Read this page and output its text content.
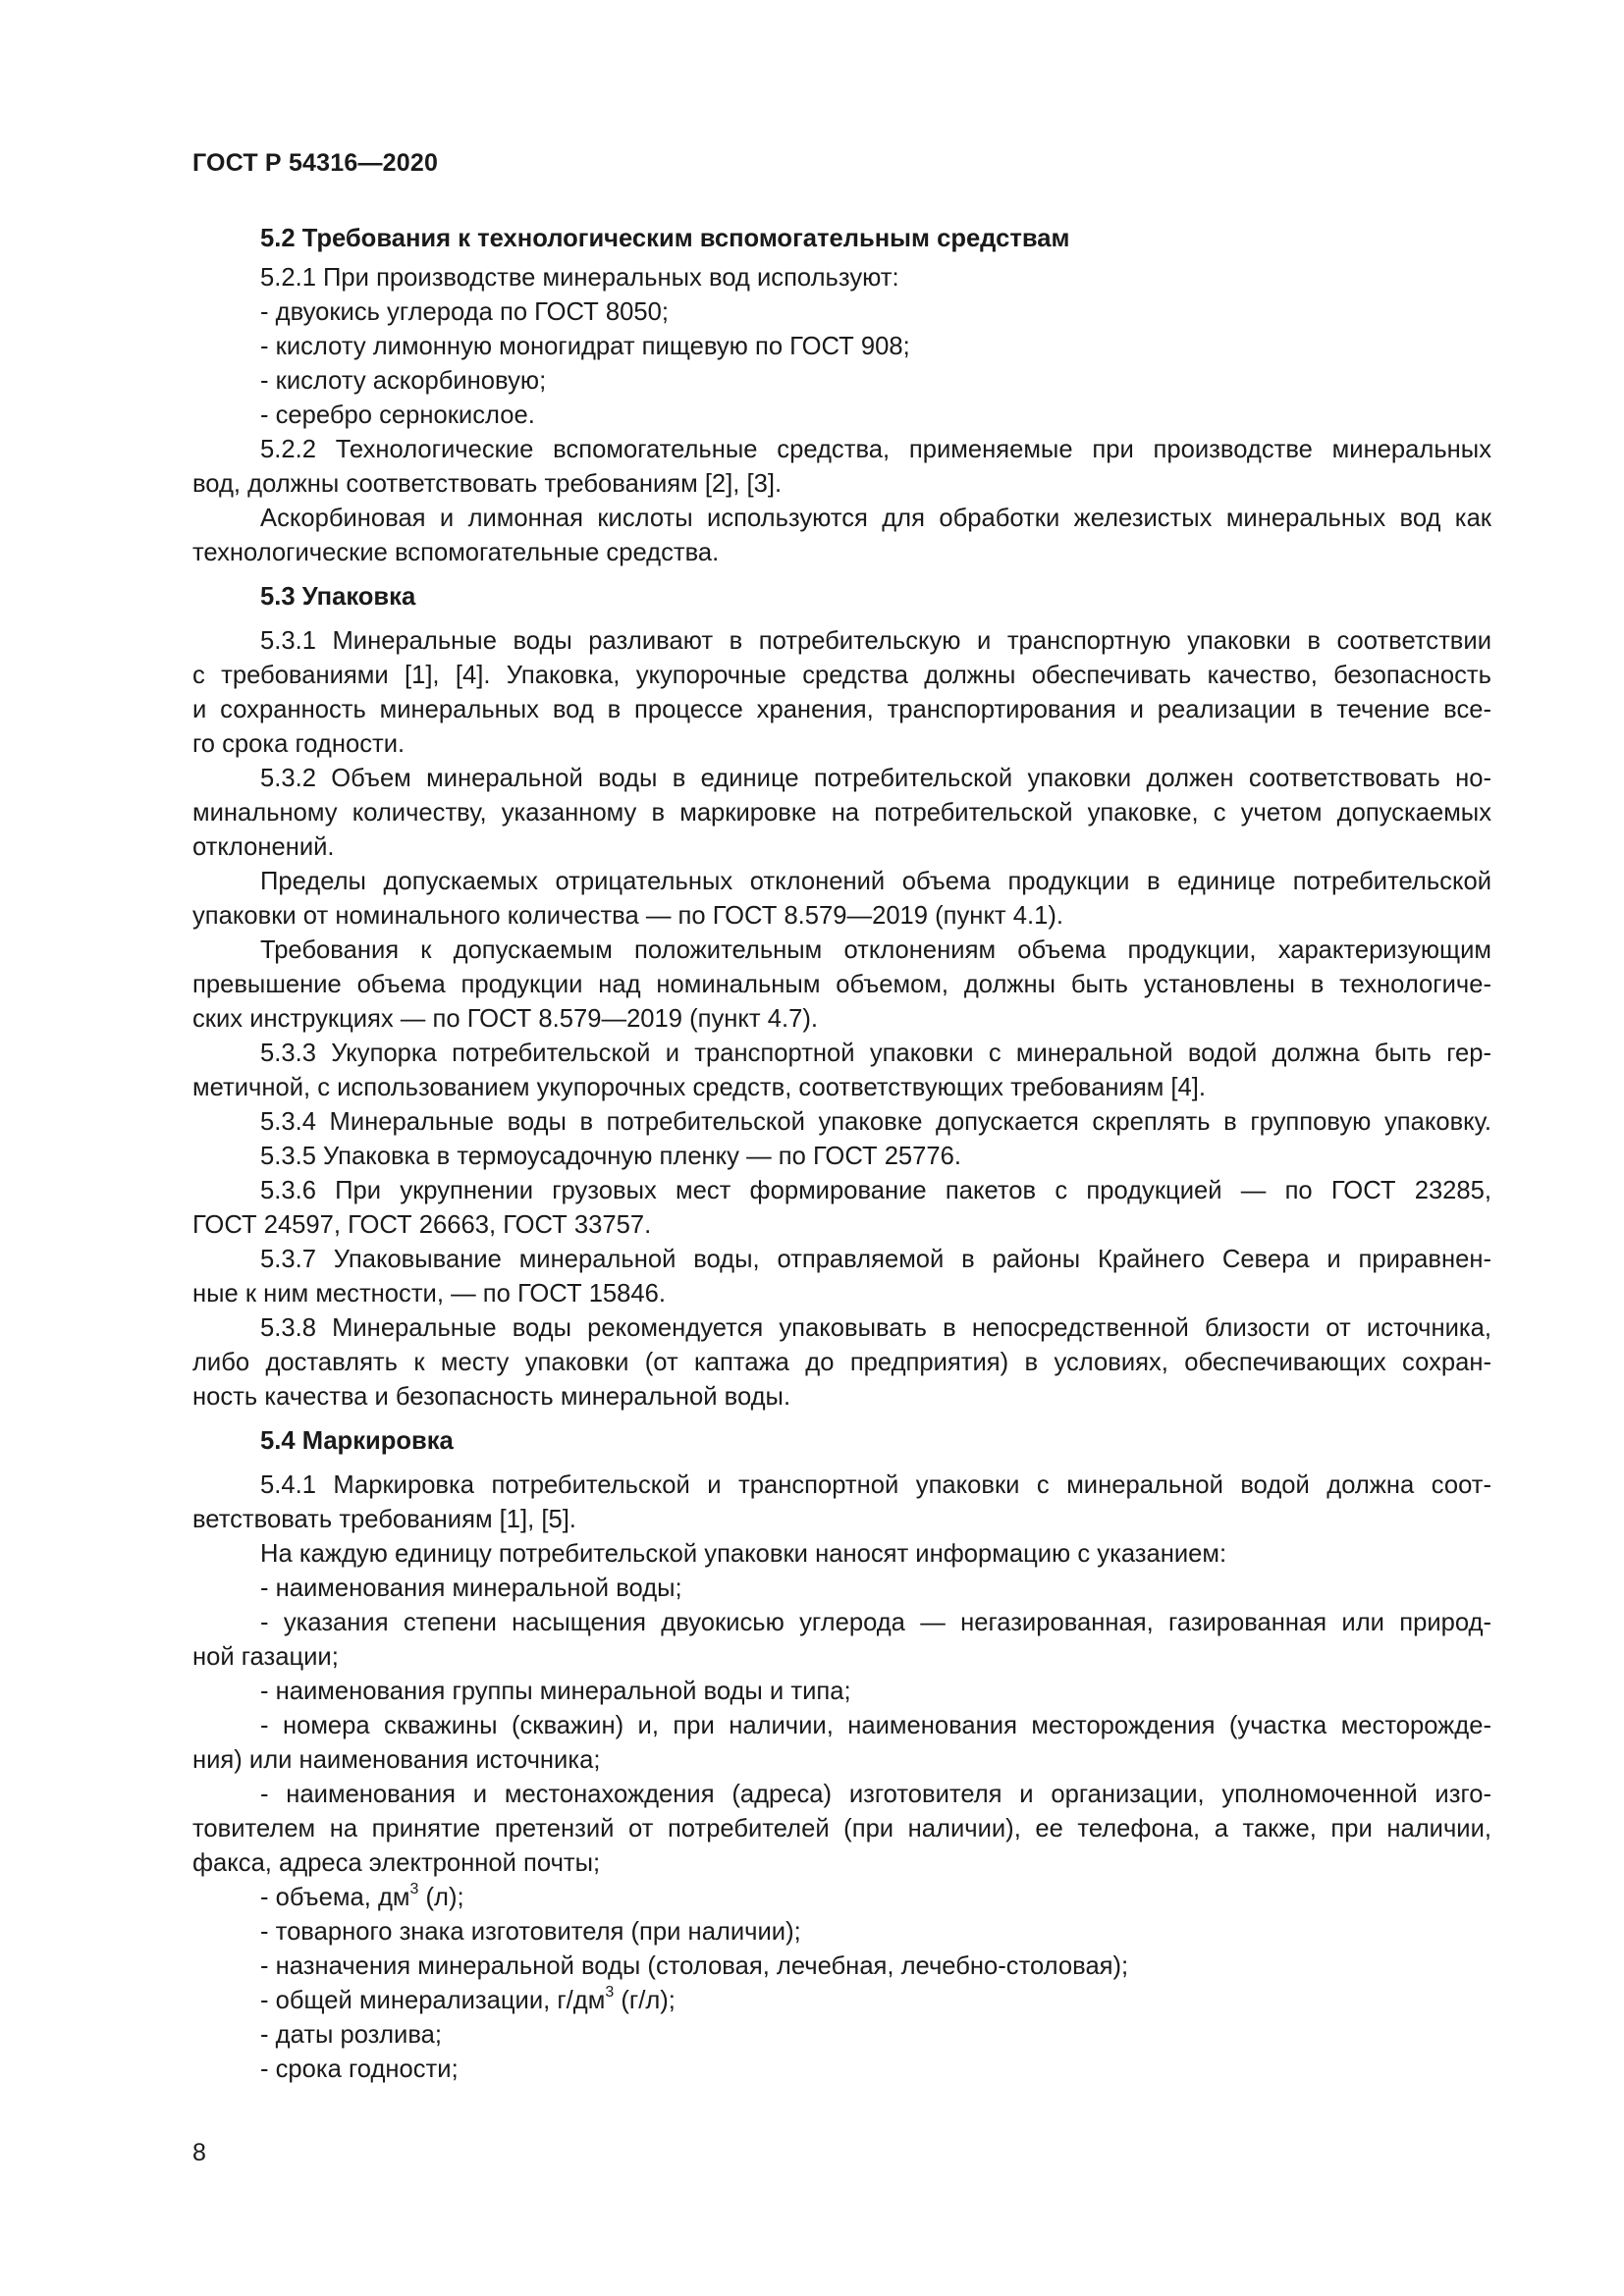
ГОСТ Р 54316—2020
5.2 Требования к технологическим вспомогательным средствам
5.2.1 При производстве минеральных вод используют:
- двуокись углерода по ГОСТ 8050;
- кислоту лимонную моногидрат пищевую по ГОСТ 908;
- кислоту аскорбиновую;
- серебро сернокислое.
5.2.2 Технологические вспомогательные средства, применяемые при производстве минеральных
вод, должны соответствовать требованиям [2], [3].
Аскорбиновая и лимонная кислоты используются для обработки железистых минеральных вод как
технологические вспомогательные средства.
5.3 Упаковка
5.3.1 Минеральные воды разливают в потребительскую и транспортную упаковки в соответствии
с требованиями [1], [4]. Упаковка, укупорочные средства должны обеспечивать качество, безопасность
и сохранность минеральных вод в процессе хранения, транспортирования и реализации в течение все-
го срока годности.
5.3.2 Объем минеральной воды в единице потребительской упаковки должен соответствовать но-
минальному количеству, указанному в маркировке на потребительской упаковке, с учетом допускаемых
отклонений.
Пределы допускаемых отрицательных отклонений объема продукции в единице потребительской
упаковки от номинального количества — по ГОСТ 8.579—2019 (пункт 4.1).
Требования к допускаемым положительным отклонениям объема продукции, характеризующим
превышение объема продукции над номинальным объемом, должны быть установлены в технологиче-
ских инструкциях — по ГОСТ 8.579—2019 (пункт 4.7).
5.3.3 Укупорка потребительской и транспортной упаковки с минеральной водой должна быть гер-
метичной, с использованием укупорочных средств, соответствующих требованиям [4].
5.3.4 Минеральные воды в потребительской упаковке допускается скреплять в групповую упаковку.
5.3.5 Упаковка в термоусадочную пленку — по ГОСТ 25776.
5.3.6 При укрупнении грузовых мест формирование пакетов с продукцией — по ГОСТ 23285,
ГОСТ 24597, ГОСТ 26663, ГОСТ 33757.
5.3.7 Упаковывание минеральной воды, отправляемой в районы Крайнего Севера и приравнен-
ные к ним местности, — по ГОСТ 15846.
5.3.8 Минеральные воды рекомендуется упаковывать в непосредственной близости от источника,
либо доставлять к месту упаковки (от каптажа до предприятия) в условиях, обеспечивающих сохран-
ность качества и безопасность минеральной воды.
5.4 Маркировка
5.4.1 Маркировка потребительской и транспортной упаковки с минеральной водой должна соот-
ветствовать требованиям [1], [5].
На каждую единицу потребительской упаковки наносят информацию с указанием:
- наименования минеральной воды;
- указания степени насыщения двуокисью углерода — негазированная, газированная или природ-
ной газации;
- наименования группы минеральной воды и типа;
- номера скважины (скважин) и, при наличии, наименования месторождения (участка месторожде-
ния) или наименования источника;
- наименования и местонахождения (адреса) изготовителя и организации, уполномоченной изго-
товителем на принятие претензий от потребителей (при наличии), ее телефона, а также, при наличии,
факса, адреса электронной почты;
- объема, $дм^3$ (л);
- товарного знака изготовителя (при наличии);
- назначения минеральной воды (столовая, лечебная, лечебно-столовая);
- общей минерализации, $г/дм^3$ (г/л);
- даты розлива;
- срока годности;
8
